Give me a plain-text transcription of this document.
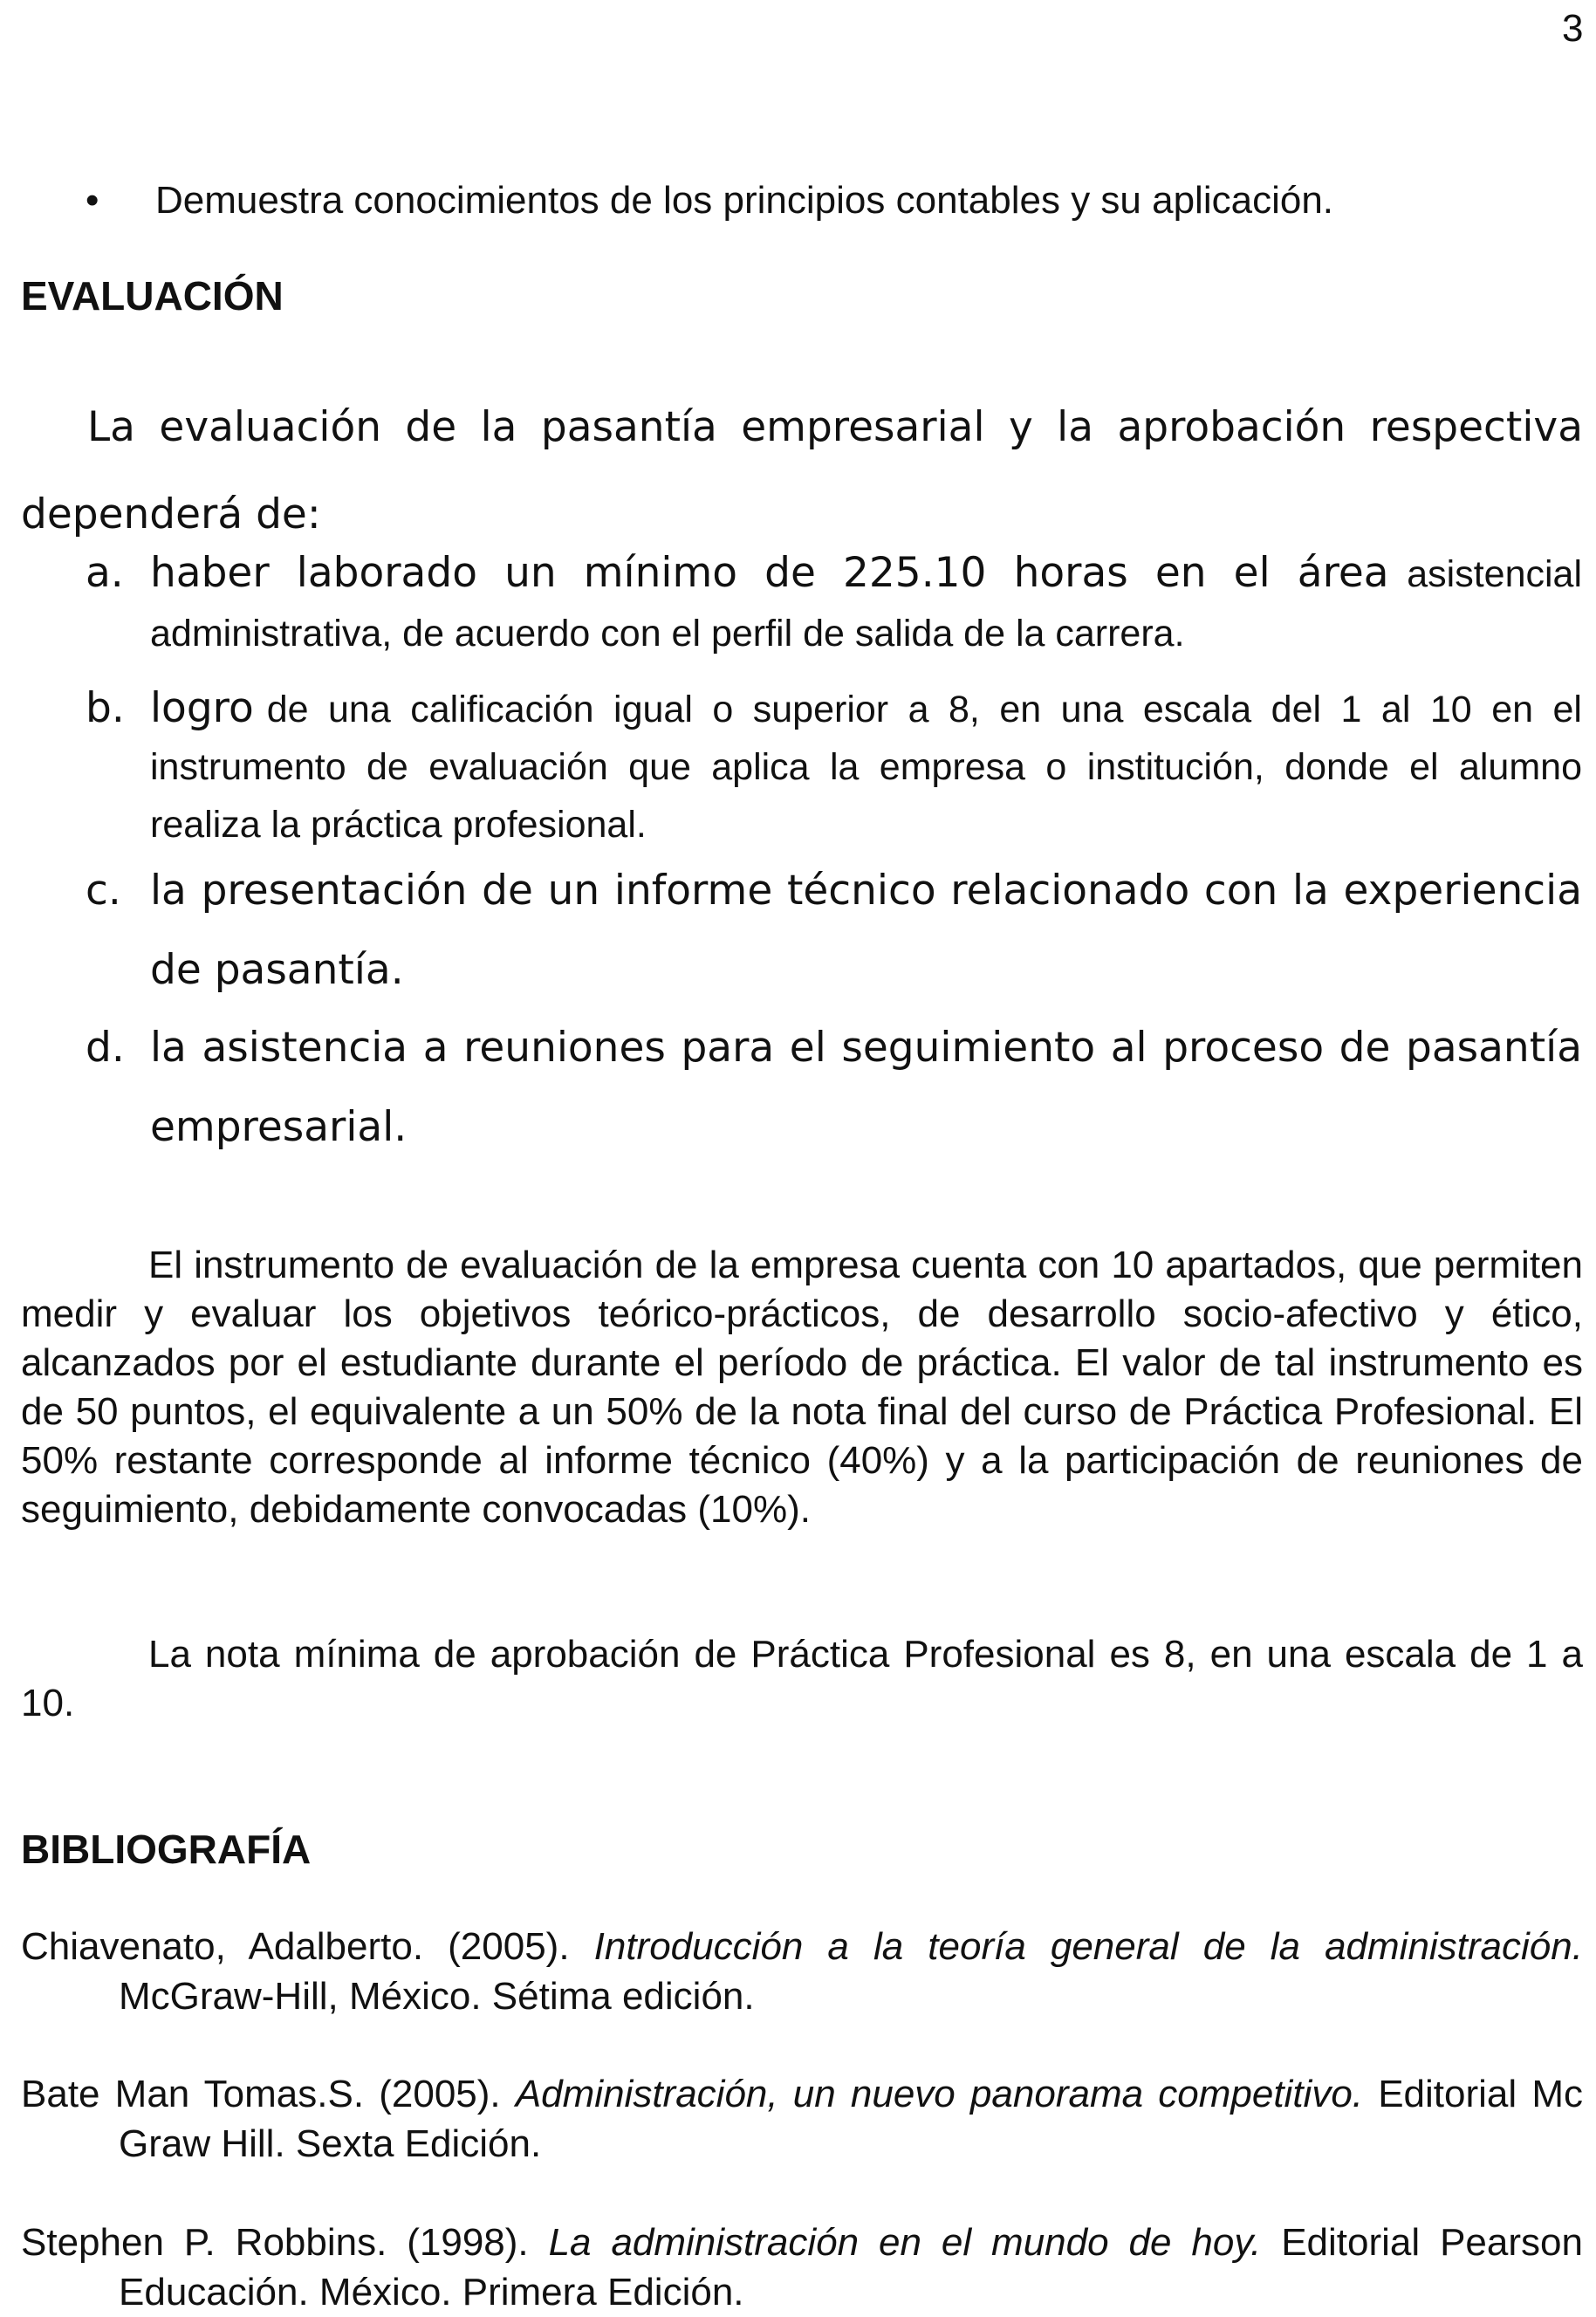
3
• Demuestra conocimientos de los principios contables y su aplicación.
EVALUACIÓN
La evaluación de la pasantía empresarial y la aprobación respectiva dependerá de:
a. haber laborado un mínimo de 225.10 horas en el área asistencial administrativa, de acuerdo con el perfil de salida de la carrera.
b. logro de una calificación igual o superior a 8, en una escala del 1 al 10 en el instrumento de evaluación que aplica la empresa o institución, donde el alumno realiza la práctica profesional.
c. la presentación de un informe técnico relacionado con la experiencia de pasantía.
d. la asistencia a reuniones para el seguimiento al proceso de pasantía empresarial.
El instrumento de evaluación de la empresa cuenta con 10 apartados, que permiten medir y evaluar los objetivos teórico-prácticos, de desarrollo socio-afectivo y ético, alcanzados por el estudiante durante el período de práctica. El valor de tal instrumento es de 50 puntos, el equivalente a un 50% de la nota final del curso de Práctica Profesional. El 50% restante corresponde al informe técnico (40%) y a la participación de reuniones de seguimiento, debidamente convocadas (10%).
La nota mínima de aprobación de Práctica Profesional es 8, en una escala de 1 a 10.
BIBLIOGRAFÍA
Chiavenato, Adalberto. (2005). Introducción a la teoría general de la administración. McGraw-Hill, México. Sétima edición.
Bate Man Tomas.S. (2005). Administración, un nuevo panorama competitivo. Editorial Mc Graw Hill. Sexta Edición.
Stephen P. Robbins. (1998). La administración en el mundo de hoy. Editorial Pearson Educación. México. Primera Edición.
